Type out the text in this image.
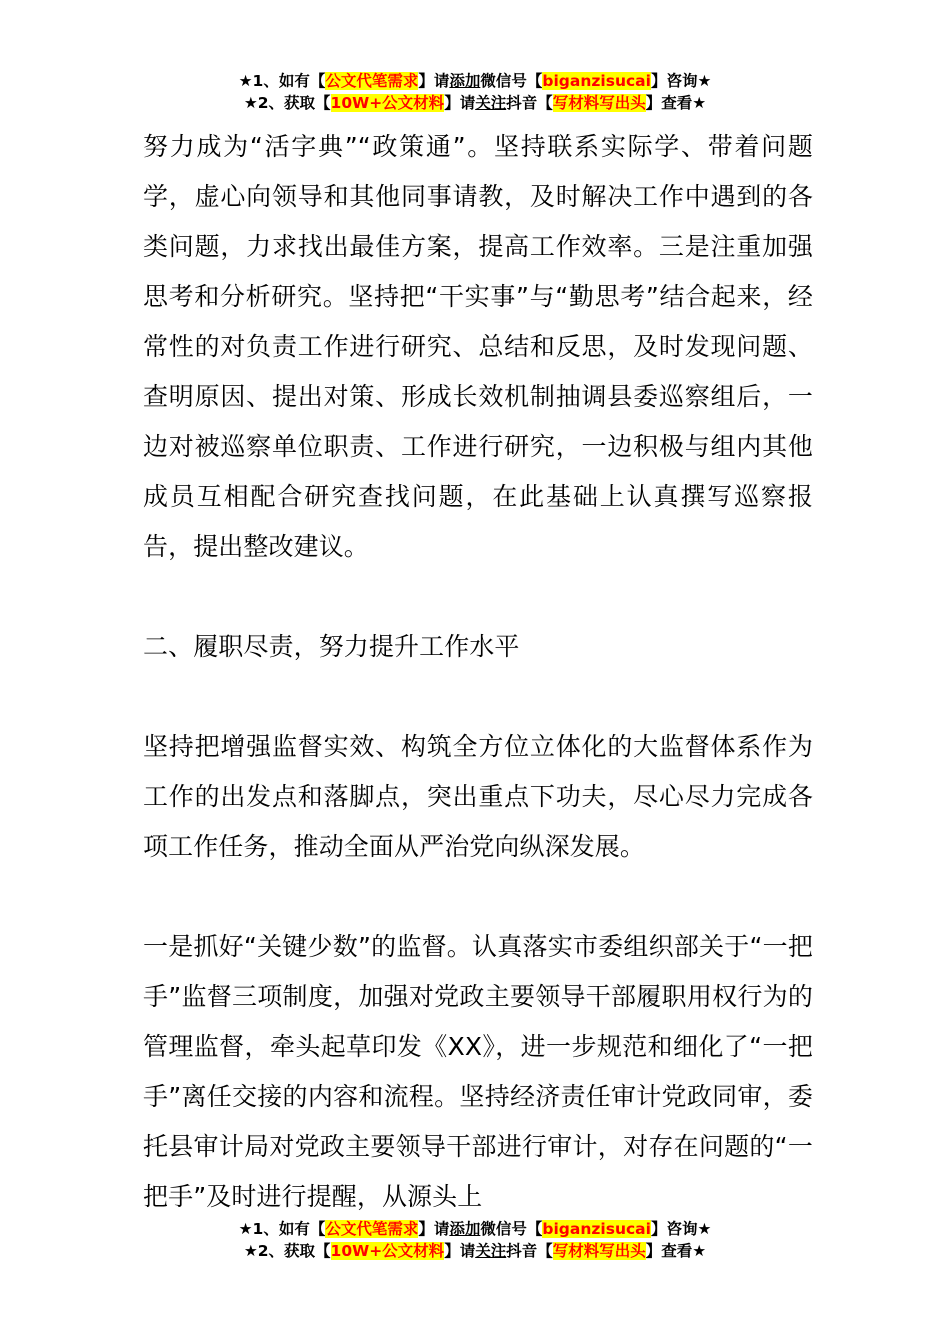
★1、如有【公文代笔需求】请添加微信号【biganzisucai】咨询★
★2、获取【10W+公文材料】请关注抖音【写材料写出头】查看★

努力成为“活字典”“政策通”。坚持联系实际学、带着问题学，虚心向领导和其他同事请教，及时解决工作中遇到的各类问题，力求找出最佳方案，提高工作效率。三是注重加强思考和分析研究。坚持把“干实事”与“勤思考”结合起来，经常性的对负责工作进行研究、总结和反思，及时发现问题、查明原因、提出对策、形成长效机制抽调县委巡察组后，一边对被巡察单位职责、工作进行研究，一边积极与组内其他成员互相配合研究查找问题，在此基础上认真撰写巡察报告，提出整改建议。

二、履职尽责，努力提升工作水平

坚持把增强监督实效、构筑全方位立体化的大监督体系作为工作的出发点和落脚点，突出重点下功夫，尽心尽力完成各项工作任务，推动全面从严治党向纵深发展。

一是抓好“关键少数”的监督。认真落实市委组织部关于“一把手”监督三项制度，加强对党政主要领导干部履职用权行为的管理监督，牵头起草印发《XX》，进一步规范和细化了“一把手”离任交接的内容和流程。坚持经济责任审计党政同审，委托县审计局对党政主要领导干部进行审计，对存在问题的“一把手”及时进行提醒，从源头上

★1、如有【公文代笔需求】请添加微信号【biganzisucai】咨询★
★2、获取【10W+公文材料】请关注抖音【写材料写出头】查看★
